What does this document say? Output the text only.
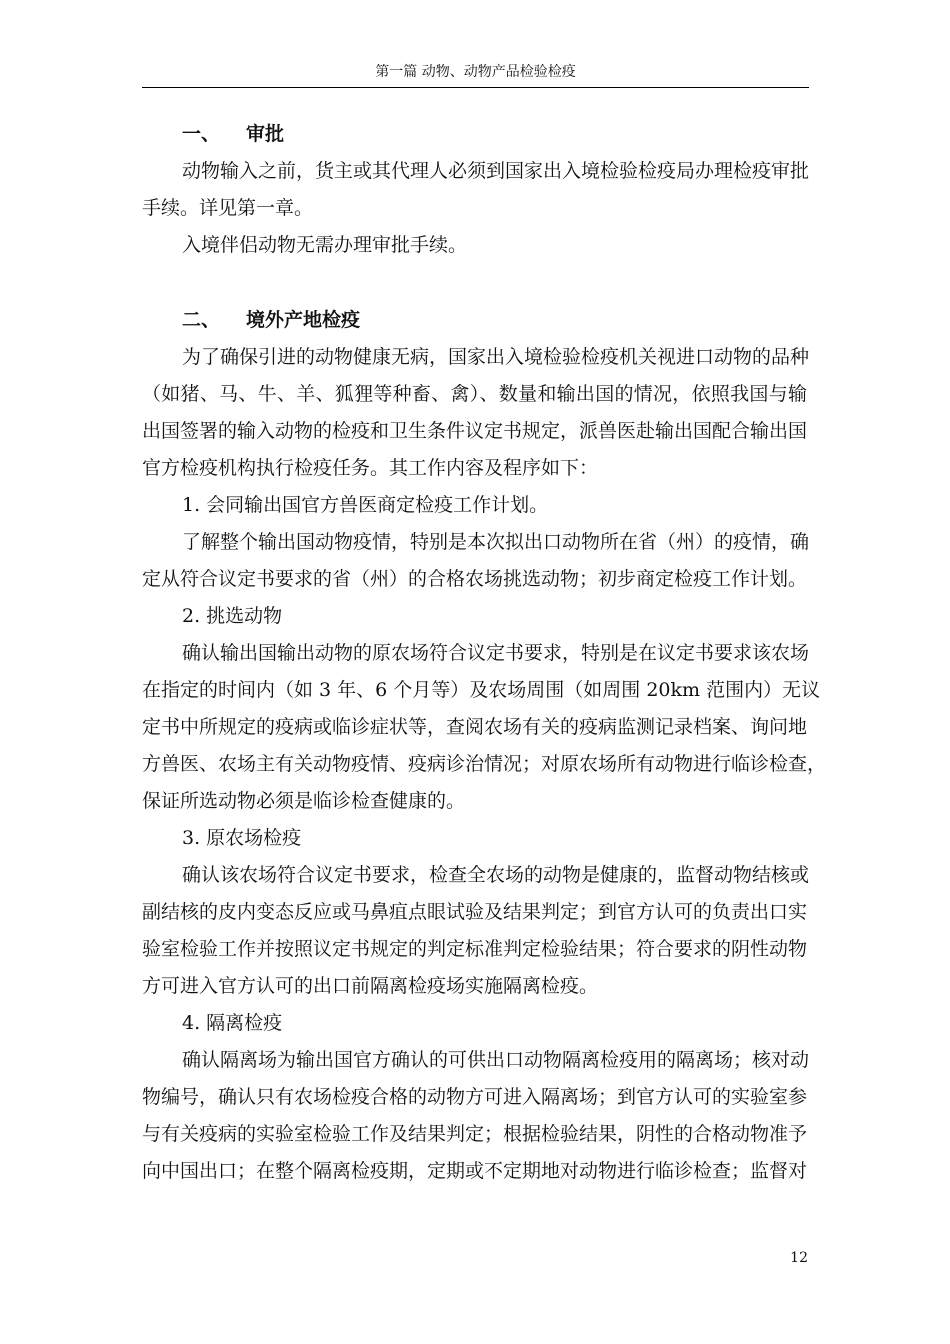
第一篇 动物、动物产品检验检疫
一、 审批
动物输入之前，货主或其代理人必须到国家出入境检验检疫局办理检疫审批
手续。详见第一章。
入境伴侣动物无需办理审批手续。
二、 境外产地检疫
为了确保引进的动物健康无病，国家出入境检验检疫机关视进口动物的品种
（如猪、马、牛、羊、狐狸等种畜、禽）、数量和输出国的情况，依照我国与输
出国签署的输入动物的检疫和卫生条件议定书规定，派兽医赴输出国配合输出国
官方检疫机构执行检疫任务。其工作内容及程序如下：
1. 会同输出国官方兽医商定检疫工作计划。
了解整个输出国动物疫情，特别是本次拟出口动物所在省（州）的疫情，确
定从符合议定书要求的省（州）的合格农场挑选动物；初步商定检疫工作计划。
2. 挑选动物
确认输出国输出动物的原农场符合议定书要求，特别是在议定书要求该农场
在指定的时间内（如 3 年、6 个月等）及农场周围（如周围 20km 范围内）无议
定书中所规定的疫病或临诊症状等，查阅农场有关的疫病监测记录档案、询问地
方兽医、农场主有关动物疫情、疫病诊治情况；对原农场所有动物进行临诊检查，
保证所选动物必须是临诊检查健康的。
3. 原农场检疫
确认该农场符合议定书要求，检查全农场的动物是健康的，监督动物结核或
副结核的皮内变态反应或马鼻疽点眼试验及结果判定；到官方认可的负责出口实
验室检验工作并按照议定书规定的判定标准判定检验结果；符合要求的阴性动物
方可进入官方认可的出口前隔离检疫场实施隔离检疫。
4. 隔离检疫
确认隔离场为输出国官方确认的可供出口动物隔离检疫用的隔离场；核对动
物编号，确认只有农场检疫合格的动物方可进入隔离场；到官方认可的实验室参
与有关疫病的实验室检验工作及结果判定；根据检验结果，阴性的合格动物准予
向中国出口；在整个隔离检疫期，定期或不定期地对动物进行临诊检查；监督对
12
